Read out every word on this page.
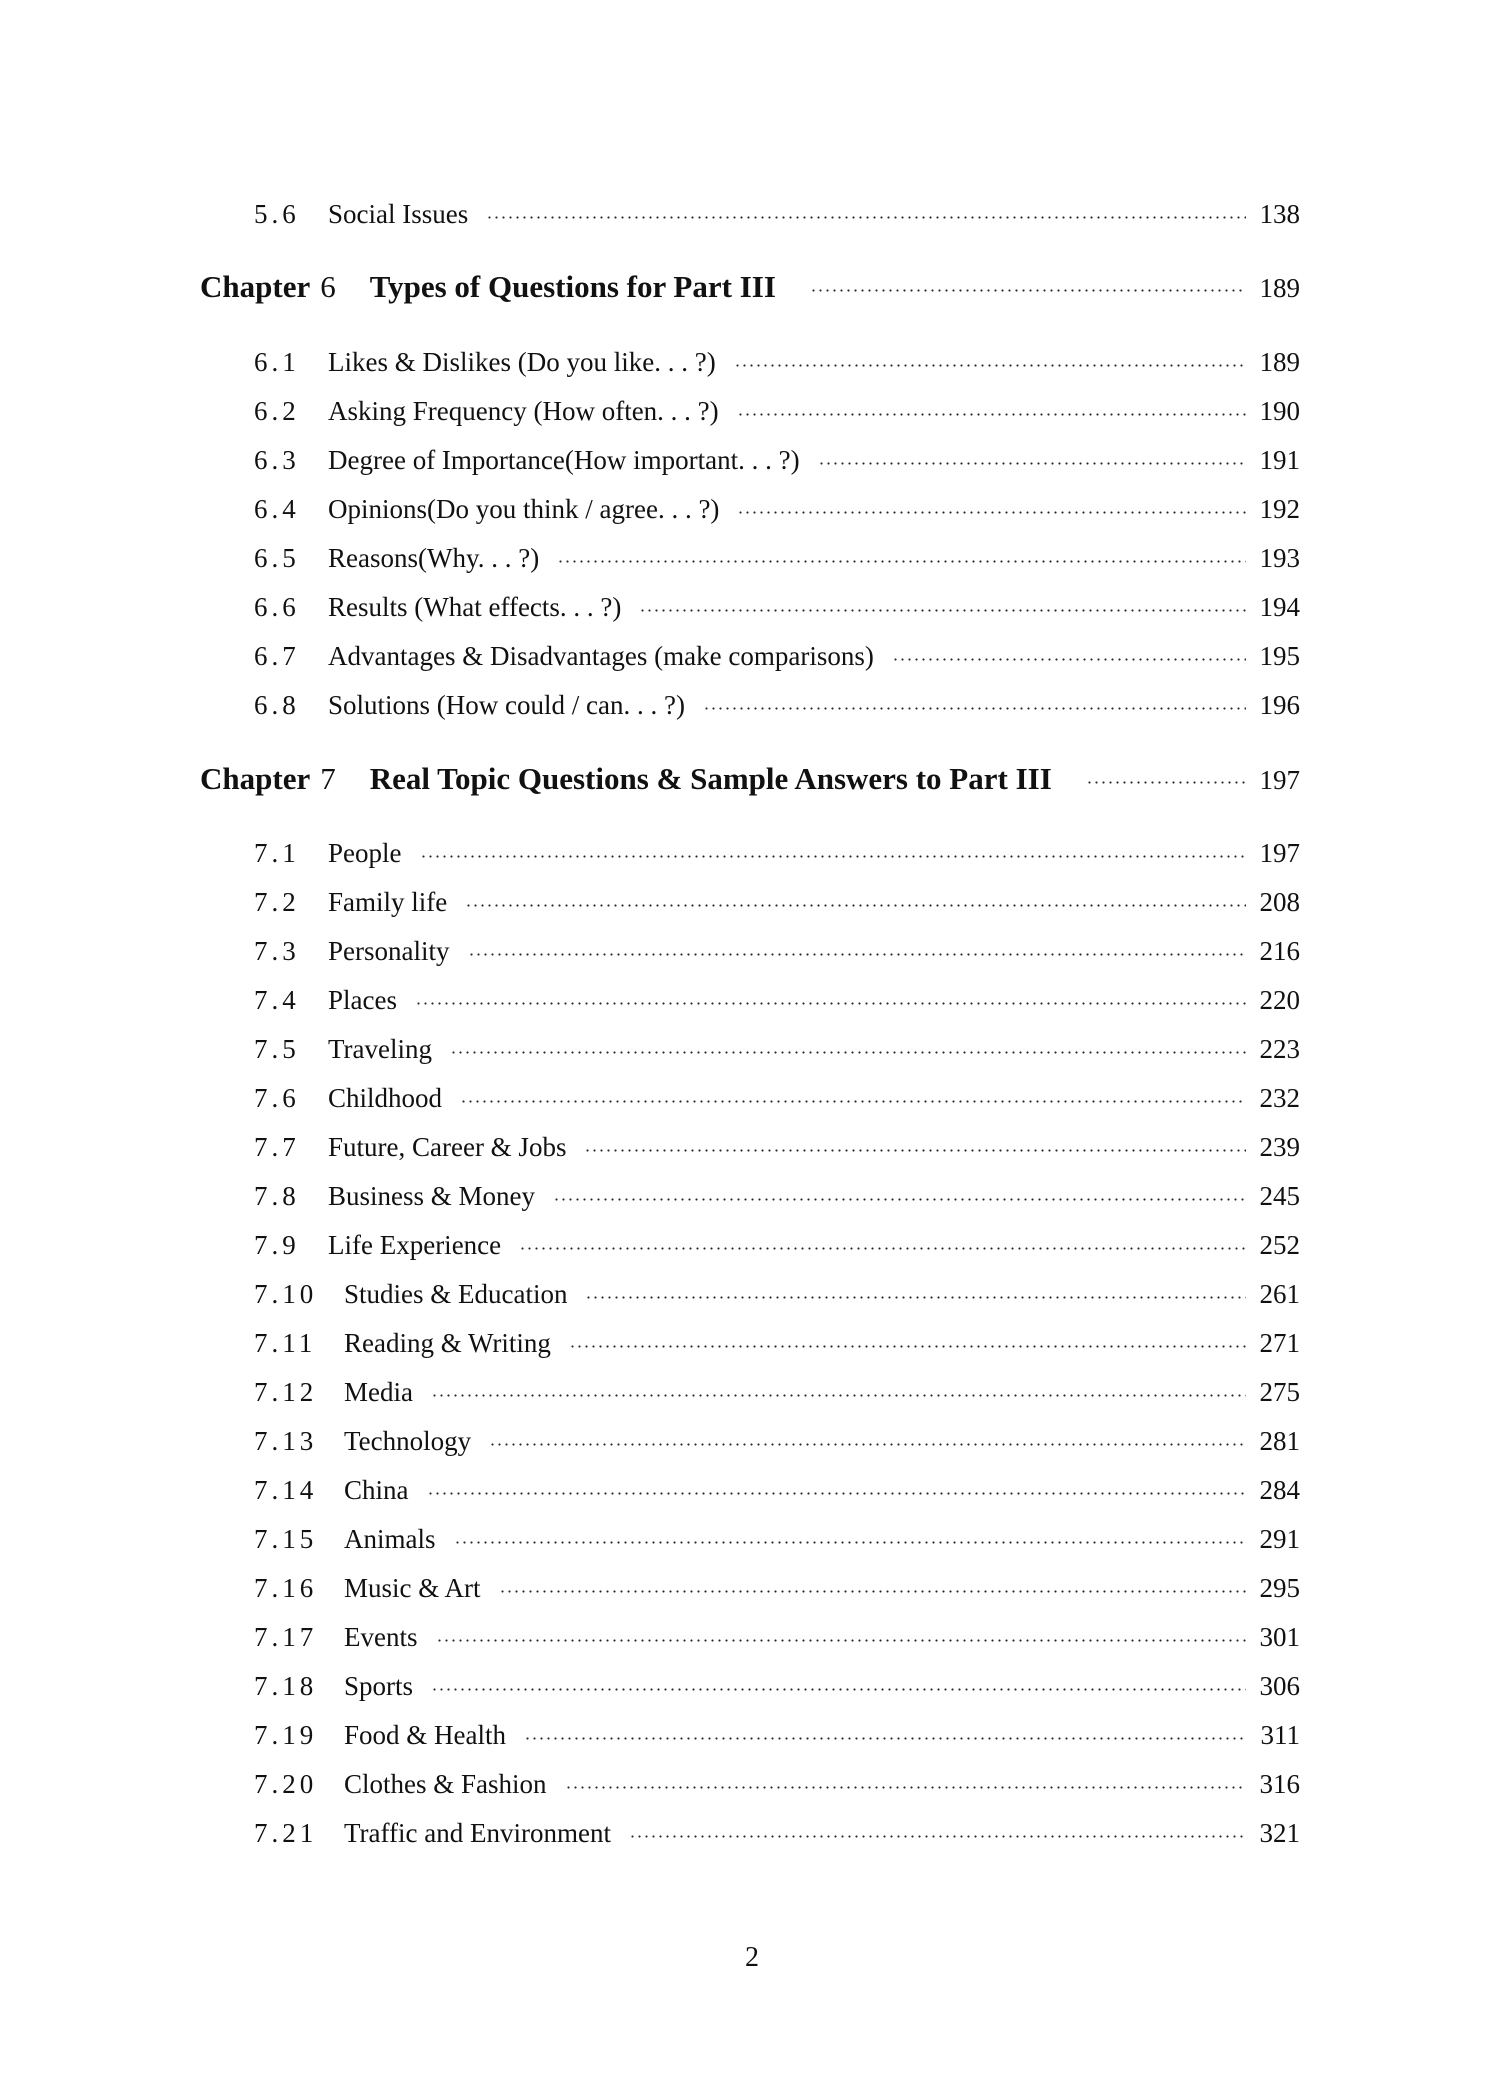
5.6	Social Issues	138
Chapter 6	Types of Questions for Part III	189
6.1	Likes & Dislikes (Do you like. . . ?)	189
6.2	Asking Frequency (How often. . . ?)	190
6.3	Degree of Importance(How important. . . ?)	191
6.4	Opinions(Do you think / agree. . . ?)	192
6.5	Reasons(Why. . . ?)	193
6.6	Results (What effects. . . ?)	194
6.7	Advantages & Disadvantages (make comparisons)	195
6.8	Solutions (How could / can. . . ?)	196
Chapter 7	Real Topic Questions & Sample Answers to Part III	197
7.1	People	197
7.2	Family life	208
7.3	Personality	216
7.4	Places	220
7.5	Traveling	223
7.6	Childhood	232
7.7	Future, Career & Jobs	239
7.8	Business & Money	245
7.9	Life Experience	252
7.10 Studies & Education	261
7.11	Reading & Writing	271
7.12 Media	275
7.13 Technology	281
7.14 China	284
7.15 Animals	291
7.16 Music & Art	295
7.17 Events	301
7.18 Sports	306
7.19 Food & Health	311
7.20 Clothes & Fashion	316
7.21 Traffic and Environment	321
2
